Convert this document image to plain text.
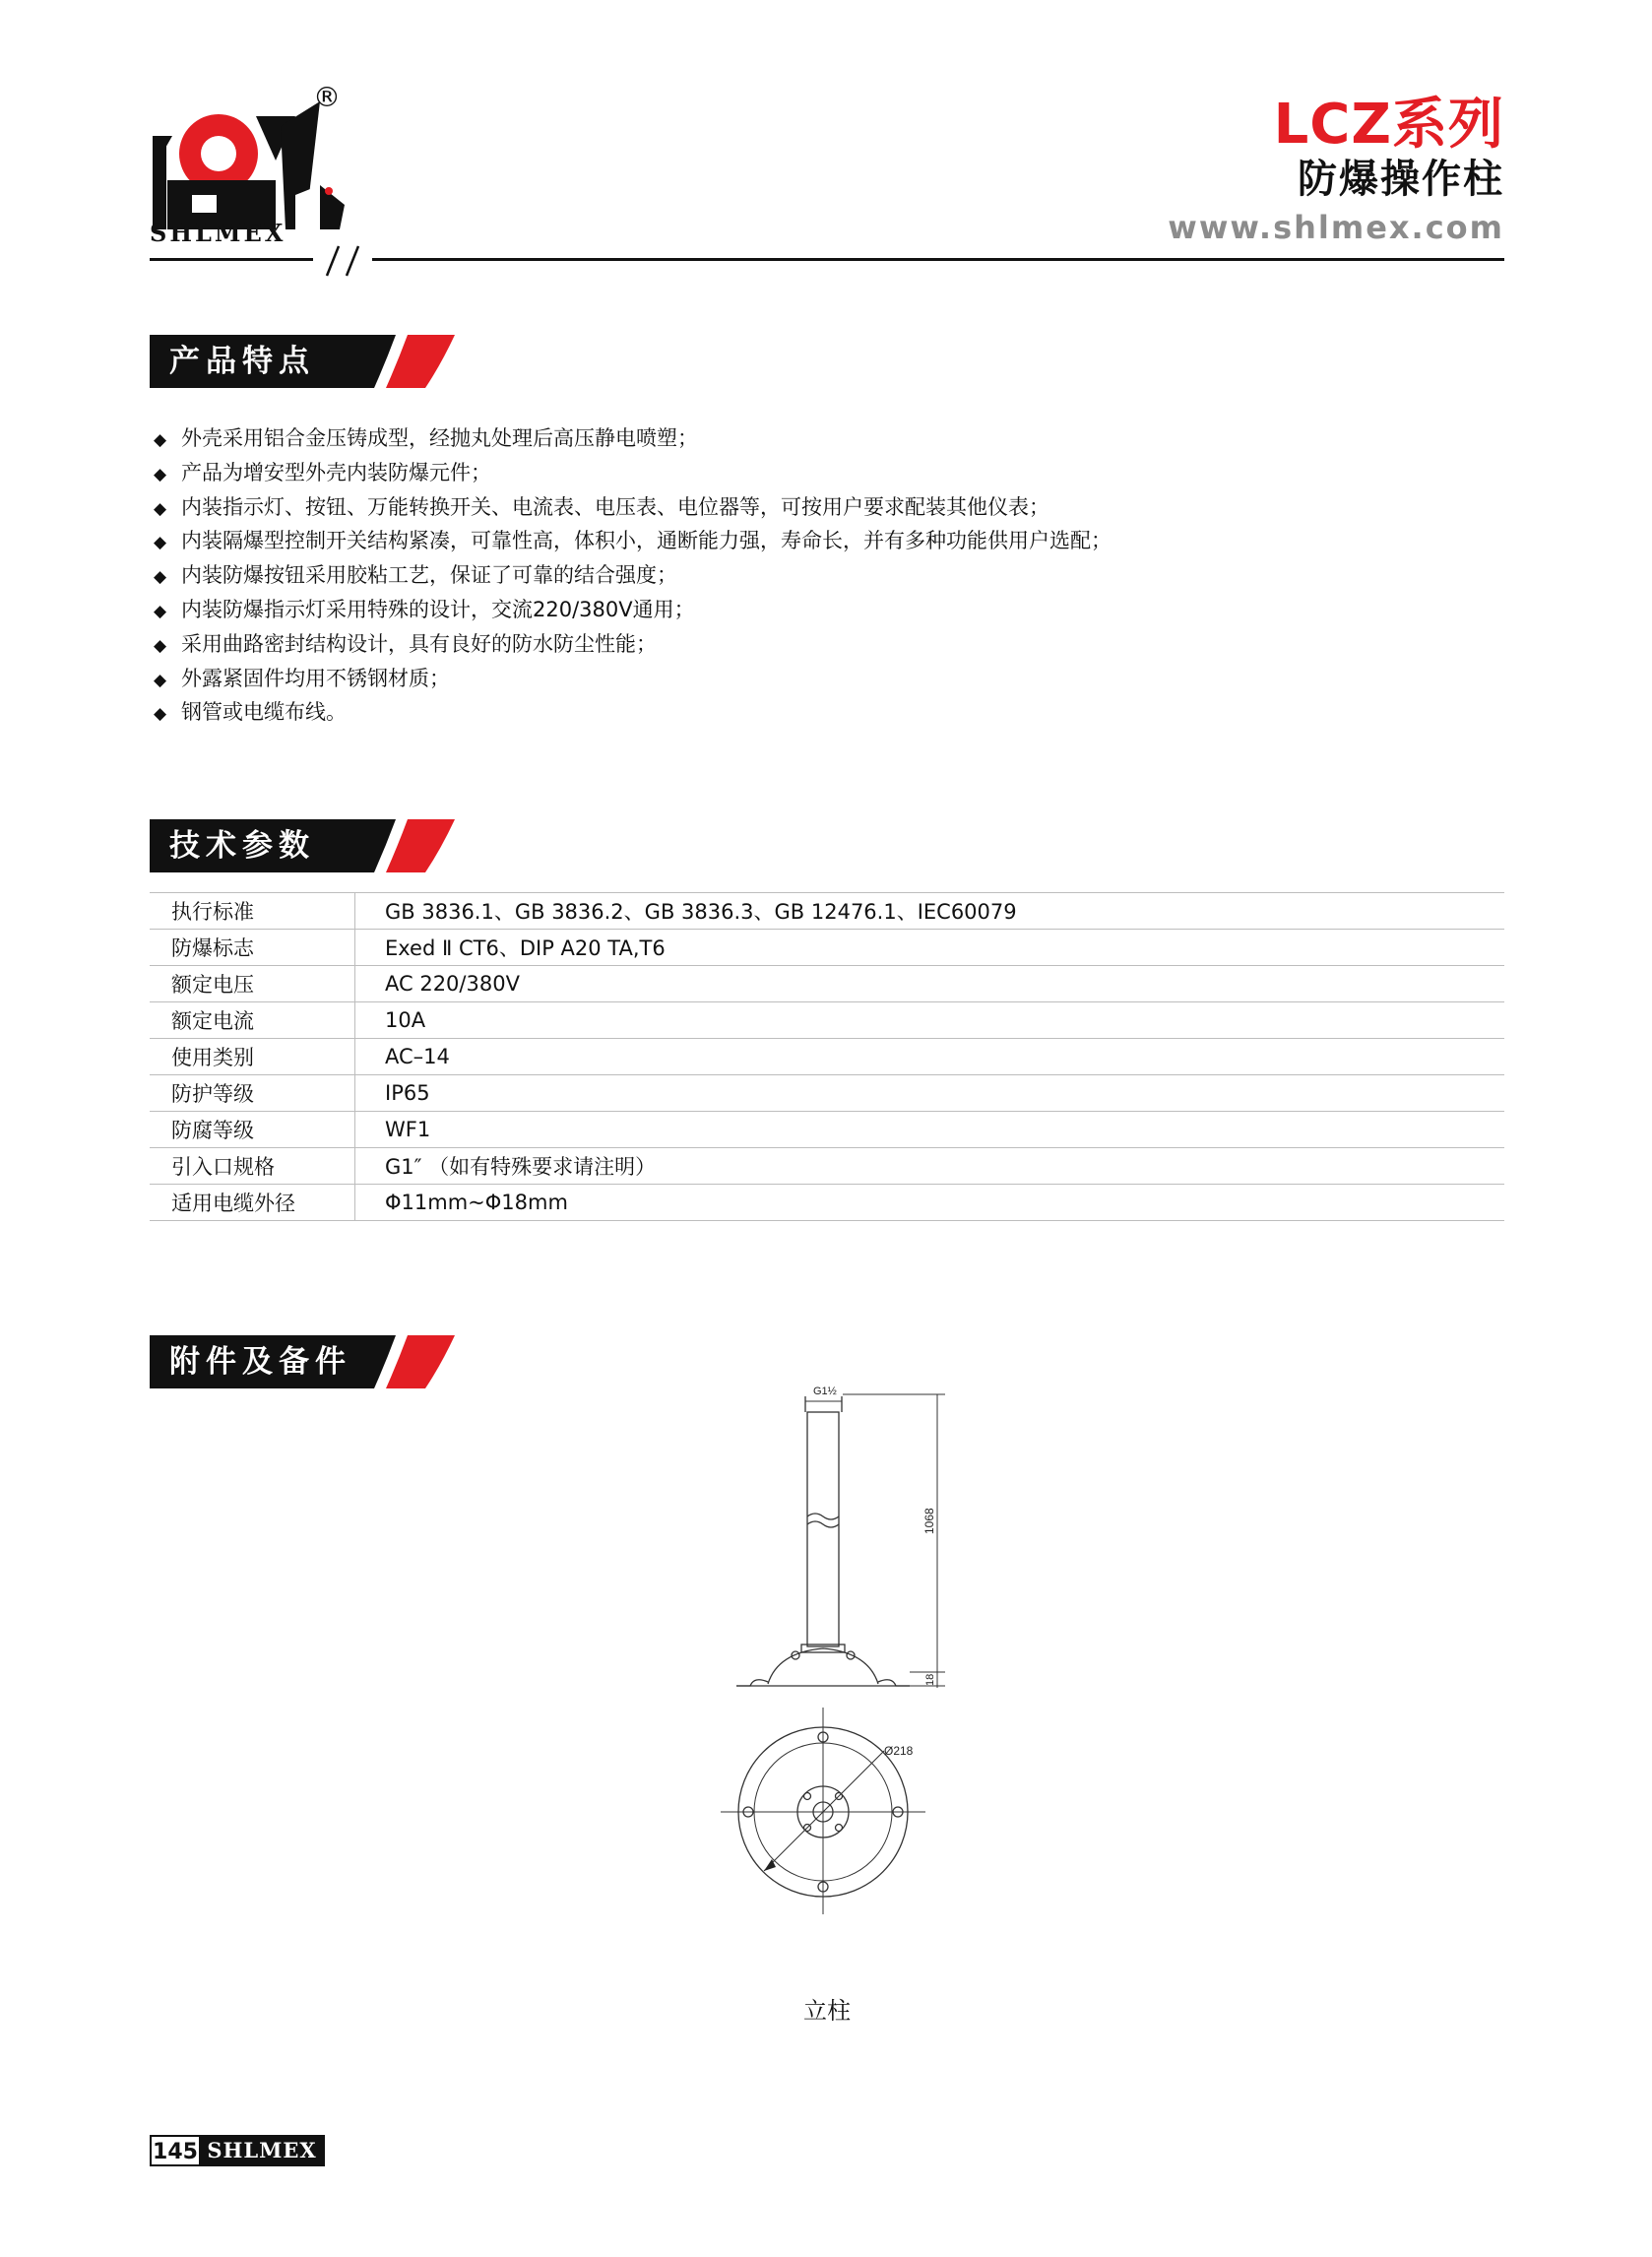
®
SHLMEX
LCZ系列
防爆操作柱
www.shlmex.com
产品特点
◆ 外壳采用铝合金压铸成型，经抛丸处理后高压静电喷塑；
◆ 产品为增安型外壳内装防爆元件；
◆ 内装指示灯、按钮、万能转换开关、电流表、电压表、电位器等，可按用户要求配装其他仪表；
◆ 内装隔爆型控制开关结构紧凑，可靠性高，体积小，通断能力强，寿命长，并有多种功能供用户选配；
◆ 内装防爆按钮采用胶粘工艺，保证了可靠的结合强度；
◆ 内装防爆指示灯采用特殊的设计，交流220/380V通用；
◆ 采用曲路密封结构设计，具有良好的防水防尘性能；
◆ 外露紧固件均用不锈钢材质；
◆ 钢管或电缆布线。
技术参数
执行标准	GB 3836.1、GB 3836.2、GB 3836.3、GB 12476.1、IEC60079
防爆标志	Exed Ⅱ CT6、DIP A20 TA,T6
额定电压	AC 220/380V
额定电流	10A
使用类别	AC–14
防护等级	IP65
防腐等级	WF1
引入口规格	G1″ （如有特殊要求请注明）
适用电缆外径	Φ11mm~Φ18mm
附件及备件
G1½
1068
18
Ø218
立柱
145 SHLMEX
